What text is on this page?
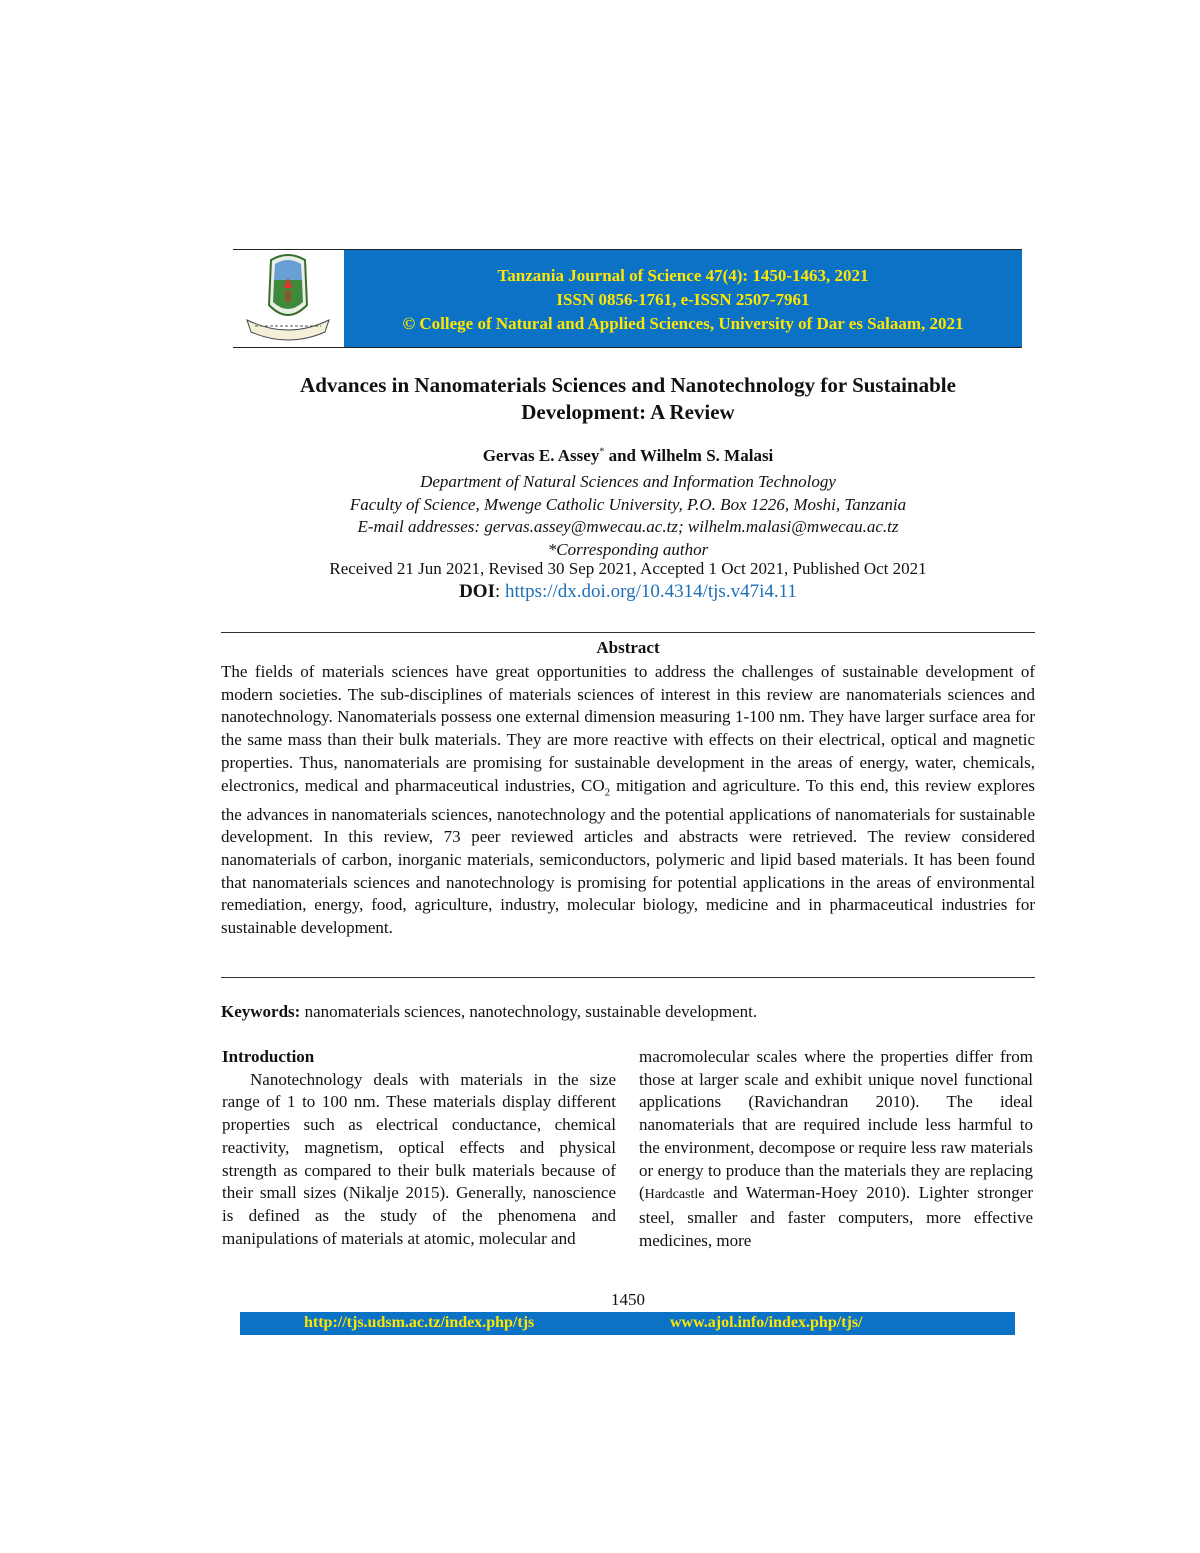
Tanzania Journal of Science 47(4): 1450-1463, 2021
ISSN 0856-1761, e-ISSN 2507-7961
© College of Natural and Applied Sciences, University of Dar es Salaam, 2021
Advances in Nanomaterials Sciences and Nanotechnology for Sustainable
Development: A Review
Gervas E. Assey* and Wilhelm S. Malasi
Department of Natural Sciences and Information Technology
Faculty of Science, Mwenge Catholic University, P.O. Box 1226, Moshi, Tanzania
E-mail addresses: gervas.assey@mwecau.ac.tz; wilhelm.malasi@mwecau.ac.tz
*Corresponding author
Received 21 Jun 2021, Revised 30 Sep 2021, Accepted 1 Oct 2021, Published Oct 2021
DOI: https://dx.doi.org/10.4314/tjs.v47i4.11
Abstract
The fields of materials sciences have great opportunities to address the challenges of sustainable development of modern societies. The sub-disciplines of materials sciences of interest in this review are nanomaterials sciences and nanotechnology. Nanomaterials possess one external dimension measuring 1-100 nm. They have larger surface area for the same mass than their bulk materials. They are more reactive with effects on their electrical, optical and magnetic properties. Thus, nanomaterials are promising for sustainable development in the areas of energy, water, chemicals, electronics, medical and pharmaceutical industries, $CO_2$ mitigation and agriculture. To this end, this review explores the advances in nanomaterials sciences, nanotechnology and the potential applications of nanomaterials for sustainable development. In this review, 73 peer reviewed articles and abstracts were retrieved. The review considered nanomaterials of carbon, inorganic materials, semiconductors, polymeric and lipid based materials. It has been found that nanomaterials sciences and nanotechnology is promising for potential applications in the areas of environmental remediation, energy, food, agriculture, industry, molecular biology, medicine and in pharmaceutical industries for sustainable development.
Keywords: nanomaterials sciences, nanotechnology, sustainable development.
Introduction
Nanotechnology deals with materials in the size range of 1 to 100 nm. These materials display different properties such as electrical conductance, chemical reactivity, magnetism, optical effects and physical strength as compared to their bulk materials because of their small sizes (Nikalje 2015). Generally, nanoscience is defined as the study of the phenomena and manipulations of materials at atomic, molecular and
macromolecular scales where the properties differ from those at larger scale and exhibit unique novel functional applications (Ravichandran 2010). The ideal nanomaterials that are required include less harmful to the environment, decompose or require less raw materials or energy to produce than the materials they are replacing (Hardcastle and Waterman-Hoey 2010). Lighter stronger steel, smaller and faster computers, more effective medicines, more
1450
http://tjs.udsm.ac.tz/index.php/tjs	www.ajol.info/index.php/tjs/
